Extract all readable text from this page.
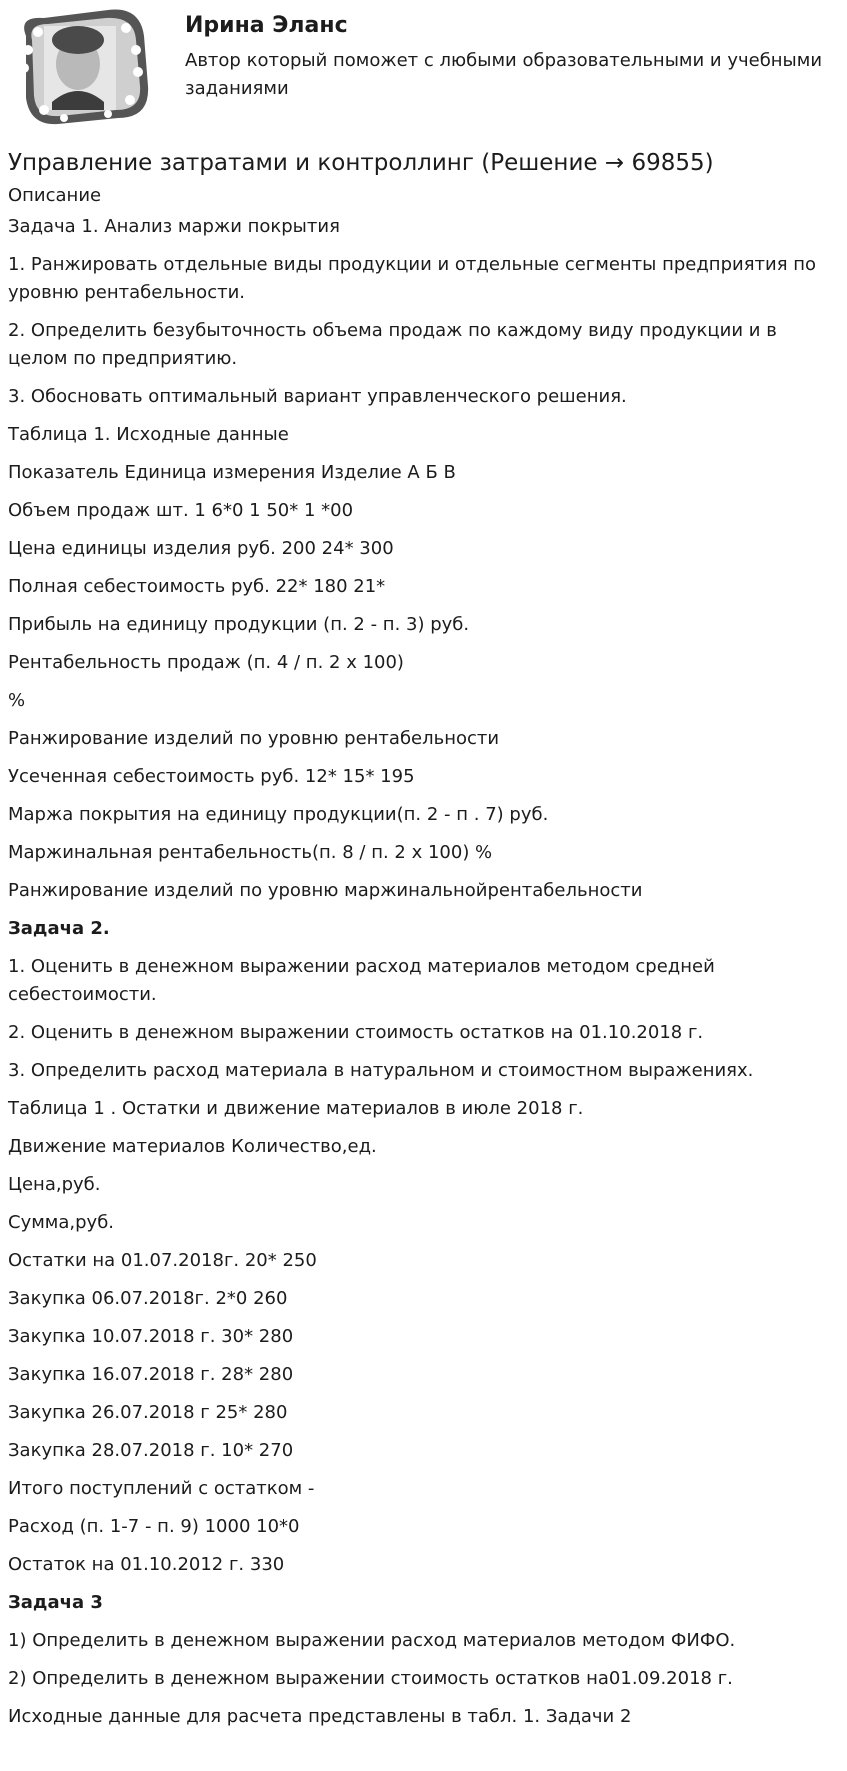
Ирина Эланс

Автор который поможет с любыми образовательными и учебными заданиями

Управление затратами и контроллинг (Решение → 69855)
Описание

Задача 1. Анализ маржи покрытия

1. Ранжировать отдельные виды продукции и отдельные сегменты предприятия по уровню рентабельности.

2. Определить безубыточность объема продаж по каждому виду продукции и в целом по предприятию.

3. Обосновать оптимальный вариант управленческого решения.

Таблица 1. Исходные данные

Показатель Единица измерения Изделие А Б В

Объем продаж шт. 1 6*0 1 50* 1 *00

Цена единицы изделия руб. 200 24* 300

Полная себестоимость руб. 22* 180 21*

Прибыль на единицу продукции (п. 2 - п. 3) руб.

Рентабельность продаж (п. 4 / п. 2 х 100)

%

Ранжирование изделий по уровню рентабельности

Усеченная себестоимость руб. 12* 15* 195

Маржа покрытия на единицу продукции(п. 2 - п . 7) руб.

Маржинальная рентабельность(п. 8 / п. 2 х 100) %

Ранжирование изделий по уровню маржинальнойрентабельности

Задача 2.

1. Оценить в денежном выражении расход материалов методом средней себестоимости.

2. Оценить в денежном выражении стоимость остатков на 01.10.2018 г.

3. Определить расход материала в натуральном и стоимостном выражениях.

Таблица 1 . Остатки и движение материалов в июле 2018 г.

Движение материалов Количество,ед.

Цена,руб.

Сумма,руб.

Остатки на 01.07.2018г. 20* 250

Закупка 06.07.2018г. 2*0 260

Закупка 10.07.2018 г. 30* 280

Закупка 16.07.2018 г. 28* 280

Закупка 26.07.2018 г 25* 280

Закупка 28.07.2018 г. 10* 270

Итого поступлений с остатком -

Расход (п. 1-7 - п. 9) 1000 10*0

Остаток на 01.10.2012 г. 330

Задача 3

1) Определить в денежном выражении расход материалов методом ФИФО.

2) Определить в денежном выражении стоимость остатков на01.09.2018 г.

Исходные данные для расчета представлены в табл. 1. Задачи 2
